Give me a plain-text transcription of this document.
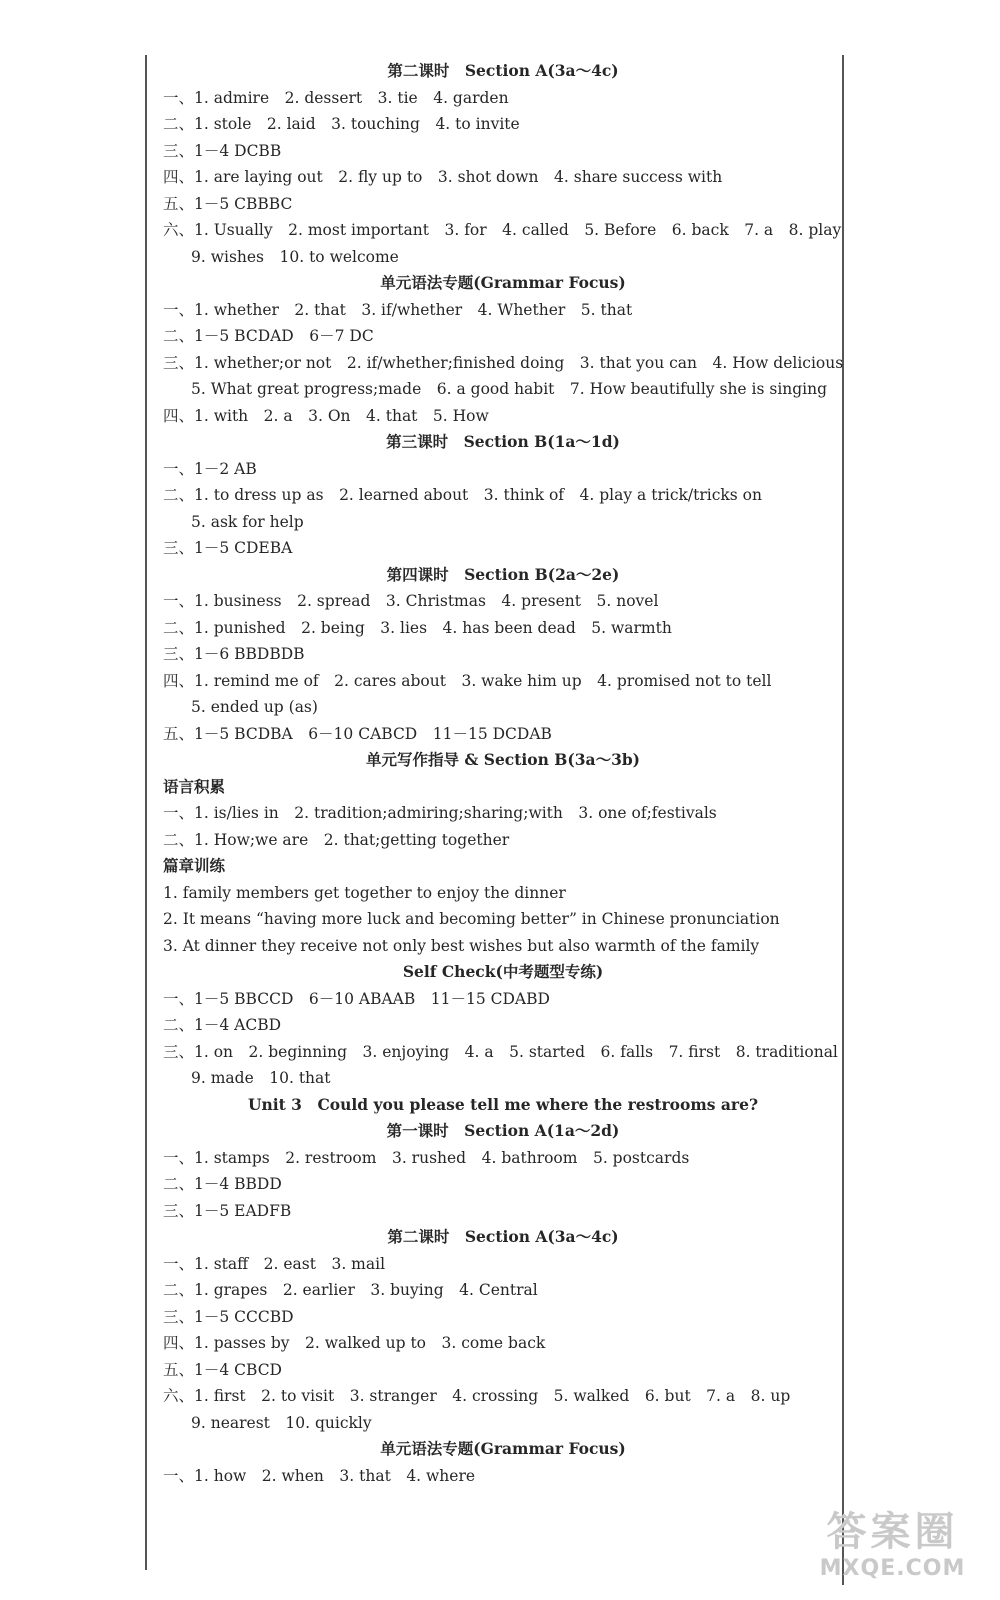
第二课时　Section A(3a～4c)
一、1. admire　2. dessert　3. tie　4. garden
二、1. stole　2. laid　3. touching　4. to invite
三、1－4 DCBB
四、1. are laying out　2. fly up to　3. shot down　4. share success with
五、1－5 CBBBC
六、1. Usually　2. most important　3. for　4. called　5. Before　6. back　7. a　8. play
9. wishes　10. to welcome
单元语法专题(Grammar Focus)
一、1. whether　2. that　3. if/whether　4. Whether　5. that
二、1－5 BCDAD　6－7 DC
三、1. whether;or not　2. if/whether;finished doing　3. that you can　4. How delicious
5. What great progress;made　6. a good habit　7. How beautifully she is singing
四、1. with　2. a　3. On　4. that　5. How
第三课时　Section B(1a～1d)
一、1－2 AB
二、1. to dress up as　2. learned about　3. think of　4. play a trick/tricks on
5. ask for help
三、1－5 CDEBA
第四课时　Section B(2a～2e)
一、1. business　2. spread　3. Christmas　4. present　5. novel
二、1. punished　2. being　3. lies　4. has been dead　5. warmth
三、1－6 BBDBDB
四、1. remind me of　2. cares about　3. wake him up　4. promised not to tell
5. ended up (as)
五、1－5 BCDBA　6－10 CABCD　11－15 DCDAB
单元写作指导 & Section B(3a～3b)
语言积累
一、1. is/lies in　2. tradition;admiring;sharing;with　3. one of;festivals
二、1. How;we are　2. that;getting together
篇章训练
1. family members get together to enjoy the dinner
2. It means “having more luck and becoming better” in Chinese pronunciation
3. At dinner they receive not only best wishes but also warmth of the family
Self Check(中考题型专练)
一、1－5 BBCCD　6－10 ABAAB　11－15 CDABD
二、1－4 ACBD
三、1. on　2. beginning　3. enjoying　4. a　5. started　6. falls　7. first　8. traditional
9. made　10. that
Unit 3　Could you please tell me where the restrooms are?
第一课时　Section A(1a～2d)
一、1. stamps　2. restroom　3. rushed　4. bathroom　5. postcards
二、1－4 BBDD
三、1－5 EADFB
第二课时　Section A(3a～4c)
一、1. staff　2. east　3. mail
二、1. grapes　2. earlier　3. buying　4. Central
三、1－5 CCCBD
四、1. passes by　2. walked up to　3. come back
五、1－4 CBCD
六、1. first　2. to visit　3. stranger　4. crossing　5. walked　6. but　7. a　8. up
9. nearest　10. quickly
单元语法专题(Grammar Focus)
一、1. how　2. when　3. that　4. where
答案圈
MXQE.COM
